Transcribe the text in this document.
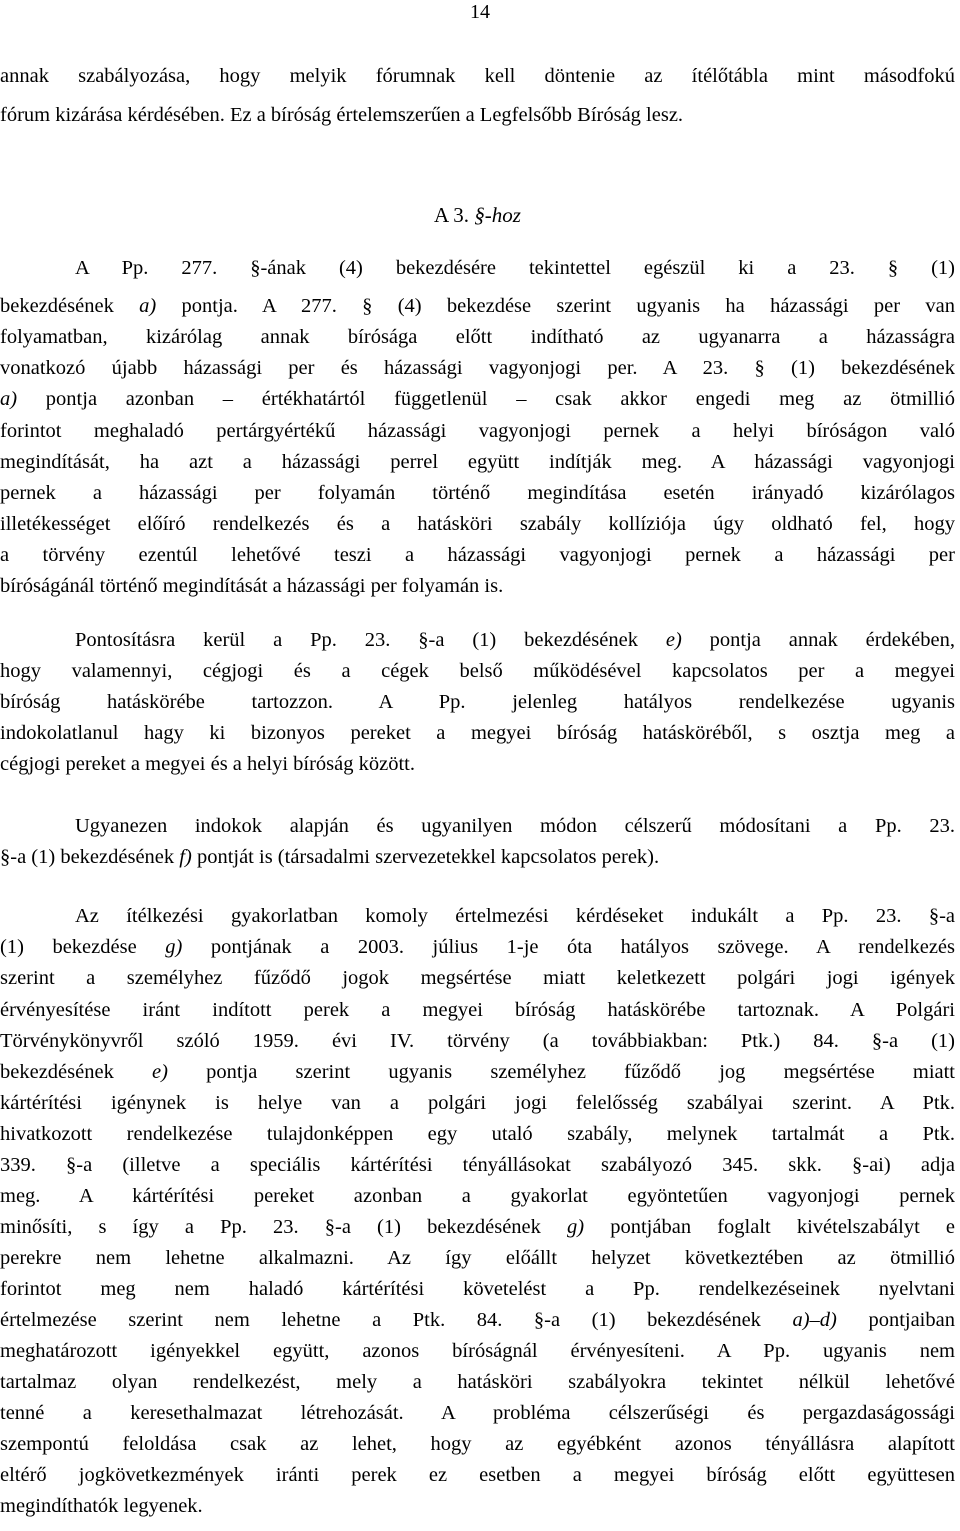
14
annak szabályozása, hogy melyik fórumnak kell döntenie az ítélőtábla mint másodfokú
fórum kizárása kérdésében. Ez a bíróság értelemszerűen a Legfelsőbb Bíróság lesz.
A 3. §-hoz
A Pp. 277. §-ának (4) bekezdésére tekintettel egészül ki a 23. § (1)
bekezdésének a) pontja. A 277. § (4) bekezdése szerint ugyanis ha házassági per van
folyamatban, kizárólag annak bírósága előtt indítható az ugyanarra a házasságra
vonatkozó újabb házassági per és házassági vagyonjogi per. A 23. § (1) bekezdésének
a) pontja azonban – értékhatártól függetlenül – csak akkor engedi meg az ötmillió
forintot meghaladó pertárgyértékű házassági vagyonjogi pernek a helyi bíróságon való
megindítását, ha azt a házassági perrel együtt indítják meg. A házassági vagyonjogi
pernek a házassági per folyamán történő megindítása esetén irányadó kizárólagos
illetékességet előíró rendelkezés és a hatásköri szabály kollíziója úgy oldható fel, hogy
a törvény ezentúl lehetővé teszi a házassági vagyonjogi pernek a házassági per
bíróságánál történő megindítását a házassági per folyamán is.
Pontosításra kerül a Pp. 23. §-a (1) bekezdésének e) pontja annak érdekében,
hogy valamennyi, cégjogi és a cégek belső működésével kapcsolatos per a megyei
bíróság hatáskörébe tartozzon. A Pp. jelenleg hatályos rendelkezése ugyanis
indokolatlanul hagy ki bizonyos pereket a megyei bíróság hatásköréből, s osztja meg a
cégjogi pereket a megyei és a helyi bíróság között.
Ugyanezen indokok alapján és ugyanilyen módon célszerű módosítani a Pp. 23.
§-a (1) bekezdésének f) pontját is (társadalmi szervezetekkel kapcsolatos perek).
Az ítélkezési gyakorlatban komoly értelmezési kérdéseket indukált a Pp. 23. §-a
(1) bekezdése g) pontjának a 2003. július 1-je óta hatályos szövege. A rendelkezés
szerint a személyhez fűződő jogok megsértése miatt keletkezett polgári jogi igények
érvényesítése iránt indított perek a megyei bíróság hatáskörébe tartoznak. A Polgári
Törvénykönyvről szóló 1959. évi IV. törvény (a továbbiakban: Ptk.) 84. §-a (1)
bekezdésének e) pontja szerint ugyanis személyhez fűződő jog megsértése miatt
kártérítési igénynek is helye van a polgári jogi felelősség szabályai szerint. A Ptk.
hivatkozott rendelkezése tulajdonképpen egy utaló szabály, melynek tartalmát a Ptk.
339. §-a (illetve a speciális kártérítési tényállásokat szabályozó 345. skk. §-ai) adja
meg. A kártérítési pereket azonban a gyakorlat egyöntetűen vagyonjogi pernek
minősíti, s így a Pp. 23. §-a (1) bekezdésének g) pontjában foglalt kivételszabályt e
perekre nem lehetne alkalmazni. Az így előállt helyzet következtében az ötmillió
forintot meg nem haladó kártérítési követelést a Pp. rendelkezéseinek nyelvtani
értelmezése szerint nem lehetne a Ptk. 84. §-a (1) bekezdésének a)–d) pontjaiban
meghatározott igényekkel együtt, azonos bíróságnál érvényesíteni. A Pp. ugyanis nem
tartalmaz olyan rendelkezést, mely a hatásköri szabályokra tekintet nélkül lehetővé
tenné a keresethalmazat létrehozását. A probléma célszerűségi és pergazdaságossági
szempontú feloldása csak az lehet, hogy az egyébként azonos tényállásra alapított
eltérő jogkövetkezmények iránti perek ez esetben a megyei bíróság előtt együttesen
megindíthatók legyenek.
